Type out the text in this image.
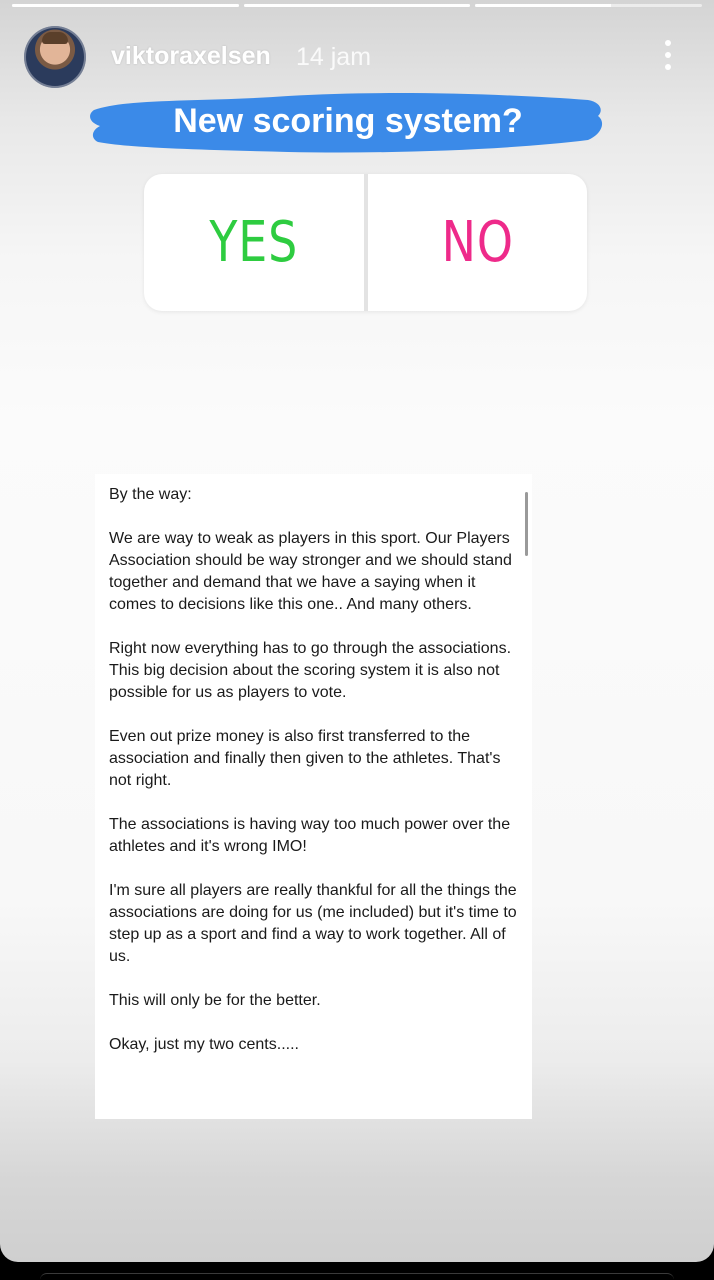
viktoraxelsen 14 jam
New scoring system?
YES	NO

By the way:

We are way to weak as players in this sport. Our Players Association should be way stronger and we should stand together and demand that we have a saying when it comes to decisions like this one.. And many others.

Right now everything has to go through the associations. This big decision about the scoring system it is also not possible for us as players to vote.

Even out prize money is also first transferred to the association and finally then given to the athletes. That's not right.

The associations is having way too much power over the athletes and it's wrong IMO!

I'm sure all players are really thankful for all the things the associations are doing for us (me included) but it's time to step up as a sport and find a way to work together. All of us.

This will only be for the better.

Okay, just my two cents.....
